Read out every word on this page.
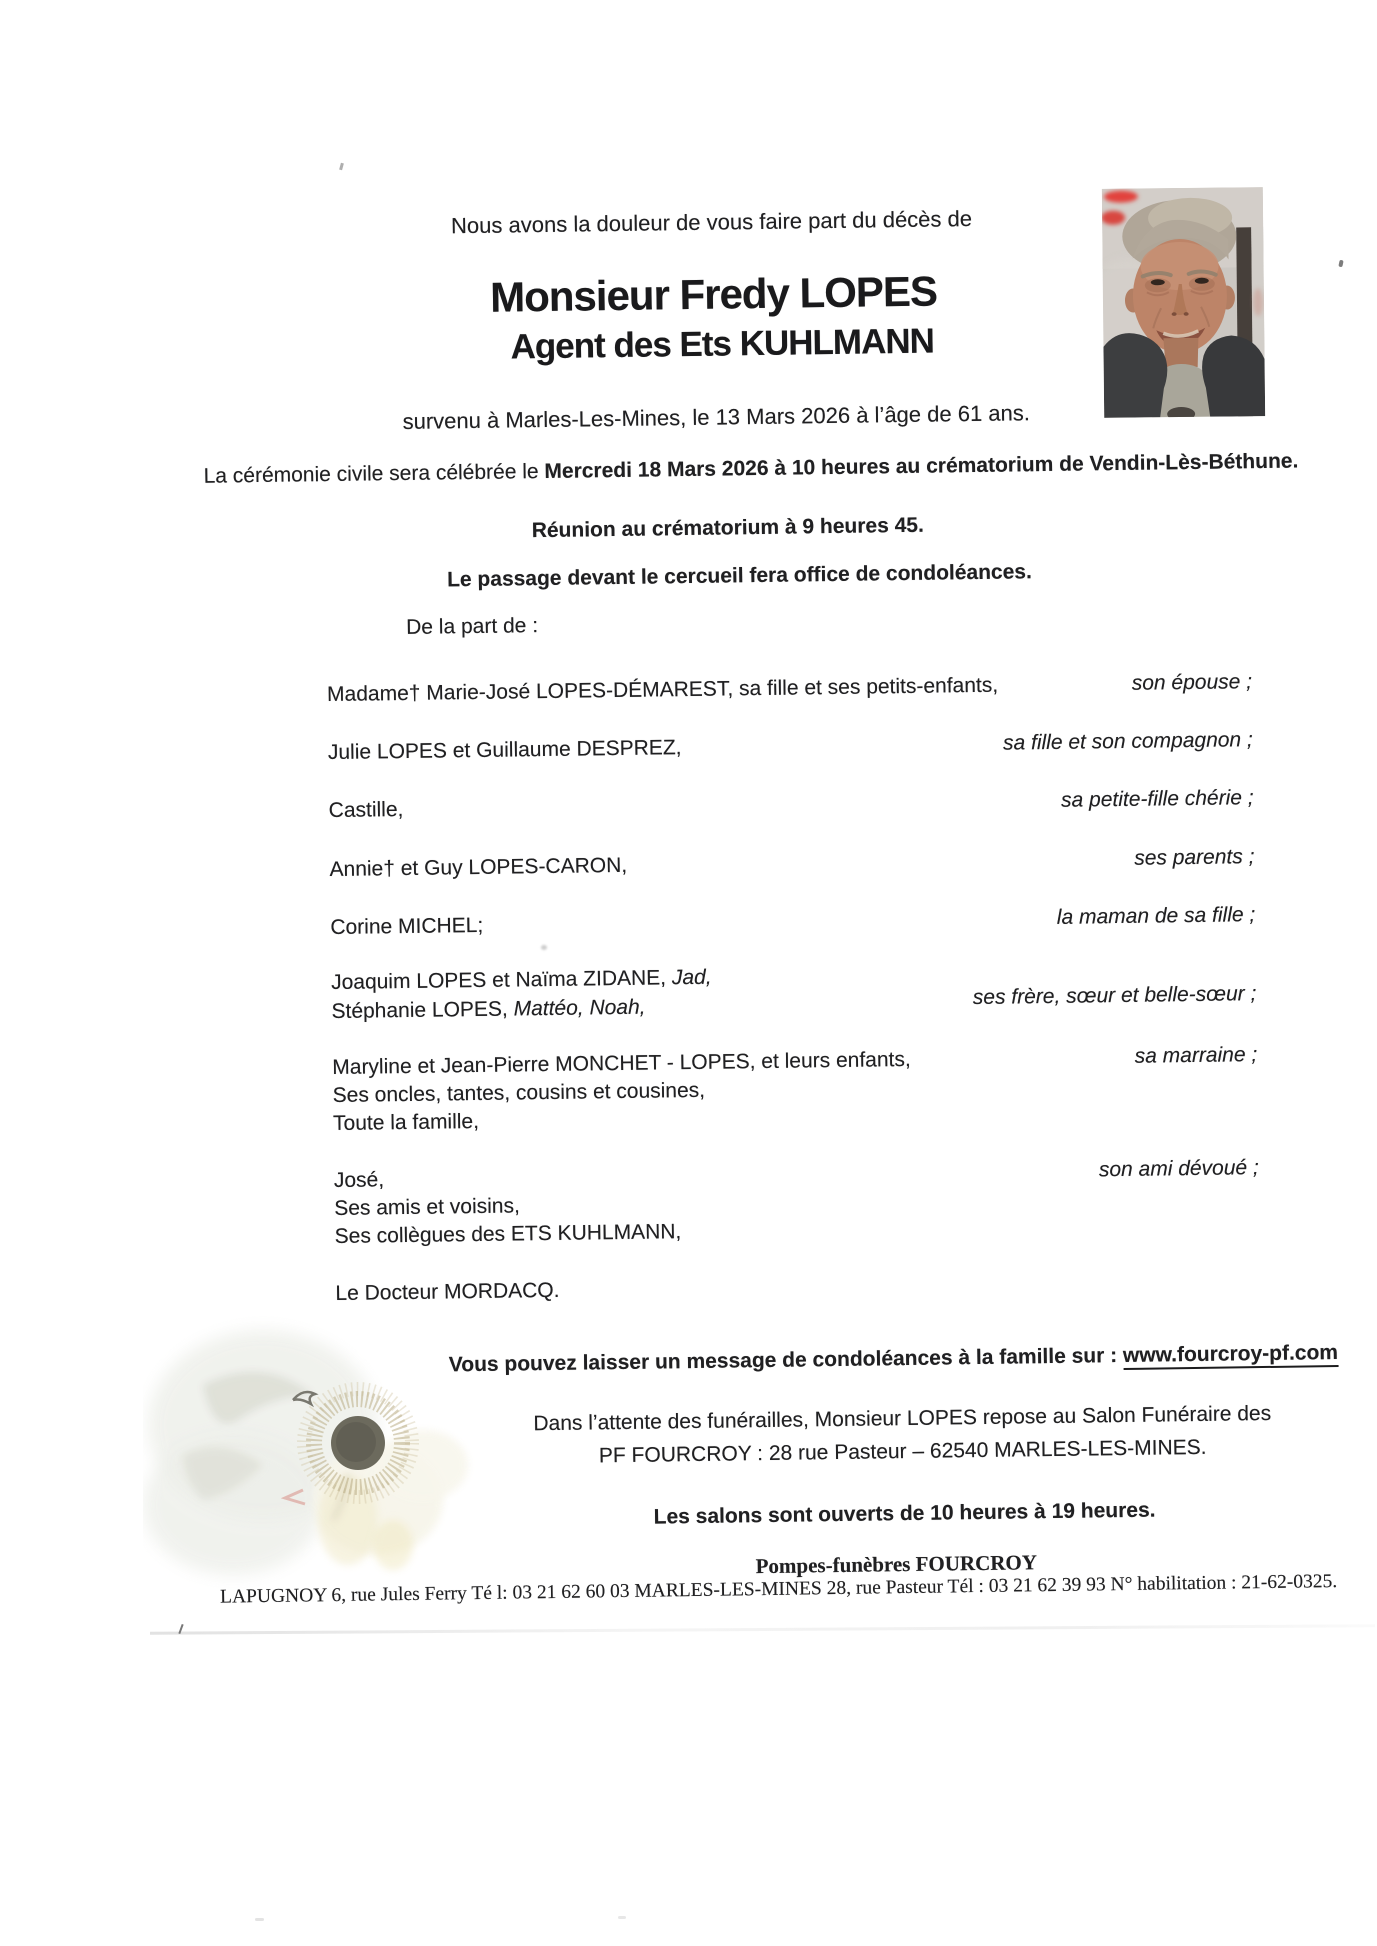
Nous avons la douleur de vous faire part du décès de
Monsieur Fredy LOPES
Agent des Ets KUHLMANN
survenu à Marles-Les-Mines, le 13 Mars 2026 à l’âge de 61 ans.
La cérémonie civile sera célébrée le Mercredi 18 Mars 2026 à 10 heures au crématorium de Vendin-Lès-Béthune.
Réunion au crématorium à 9 heures 45.
Le passage devant le cercueil fera office de condoléances.
De la part de :
Madame† Marie-José LOPES-DÉMAREST, sa fille et ses petits-enfants,
Julie LOPES et Guillaume DESPREZ,
Castille,
Annie† et Guy LOPES-CARON,
Corine MICHEL;
Joaquim LOPES et Naïma ZIDANE, Jad,
Stéphanie LOPES, Mattéo, Noah,
Maryline et Jean-Pierre MONCHET - LOPES, et leurs enfants,
Ses oncles, tantes, cousins et cousines,
Toute la famille,
José,
Ses amis et voisins,
Ses collègues des ETS KUHLMANN,
Le Docteur MORDACQ.
son épouse ;
sa fille et son compagnon ;
sa petite-fille chérie ;
ses parents ;
la maman de sa fille ;
ses frère, sœur et belle-sœur ;
sa marraine ;
son ami dévoué ;
Vous pouvez laisser un message de condoléances à la famille sur : www.fourcroy-pf.com
Dans l’attente des funérailles, Monsieur LOPES repose au Salon Funéraire des
PF FOURCROY : 28 rue Pasteur – 62540 MARLES-LES-MINES.
Les salons sont ouverts de 10 heures à 19 heures.
Pompes-funèbres FOURCROY
LAPUGNOY 6, rue Jules Ferry Té l: 03 21 62 60 03 MARLES-LES-MINES 28, rue Pasteur Tél : 03 21 62 39 93 N° habilitation : 21-62-0325.
